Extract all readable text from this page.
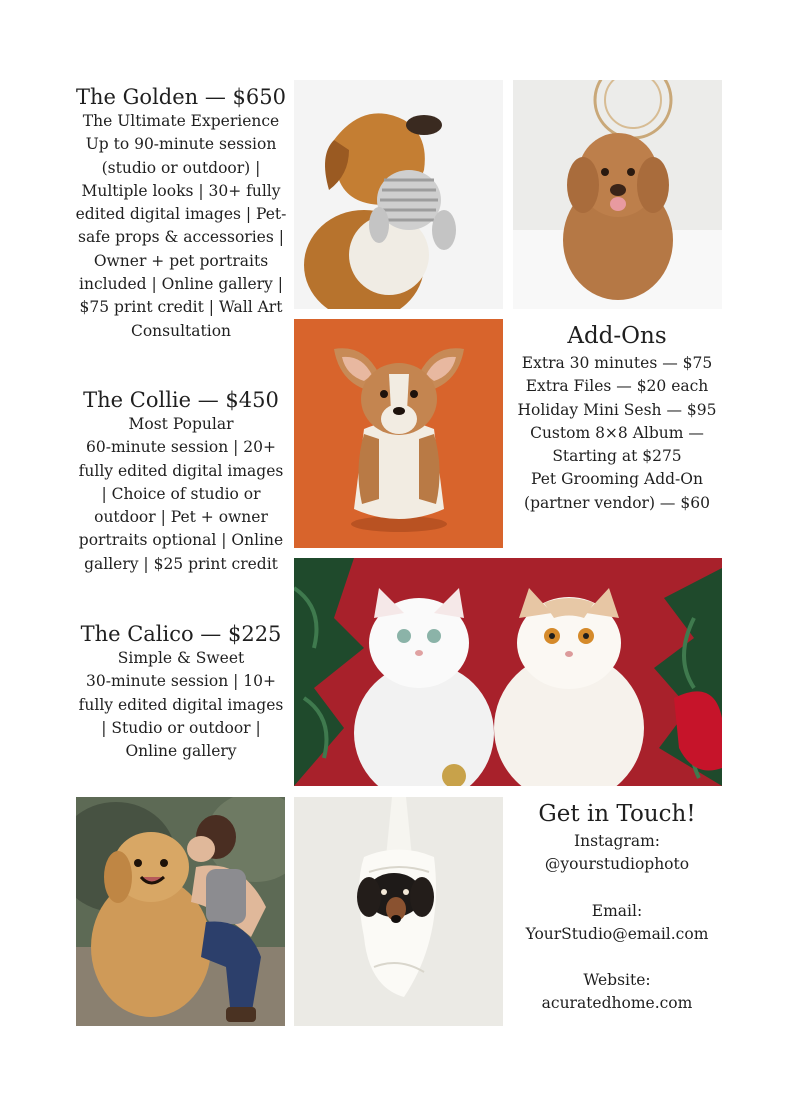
The Golden — $650

The Ultimate Experience

Up to 90-minute session (studio or outdoor) | Multiple looks | 30+ fully edited digital images | Pet-safe props & accessories | Owner + pet portraits included | Online gallery | $75 print credit | Wall Art Consultation

The Collie — $450

Most Popular

60-minute session | 20+ fully edited digital images | Choice of studio or outdoor | Pet + owner portraits optional | Online gallery | $25 print credit

The Calico — $225

Simple & Sweet

30-minute session | 10+ fully edited digital images | Studio or outdoor | Online gallery

Add-Ons

Extra 30 minutes — $75

Extra Files — $20 each

Holiday Mini Sesh — $95

Custom 8×8 Album — Starting at $275

Pet Grooming Add-On (partner vendor) — $60

Get in Touch!

Instagram:

@yourstudiophoto

Email:

YourStudio@email.com

Website: acuratedhome.com
